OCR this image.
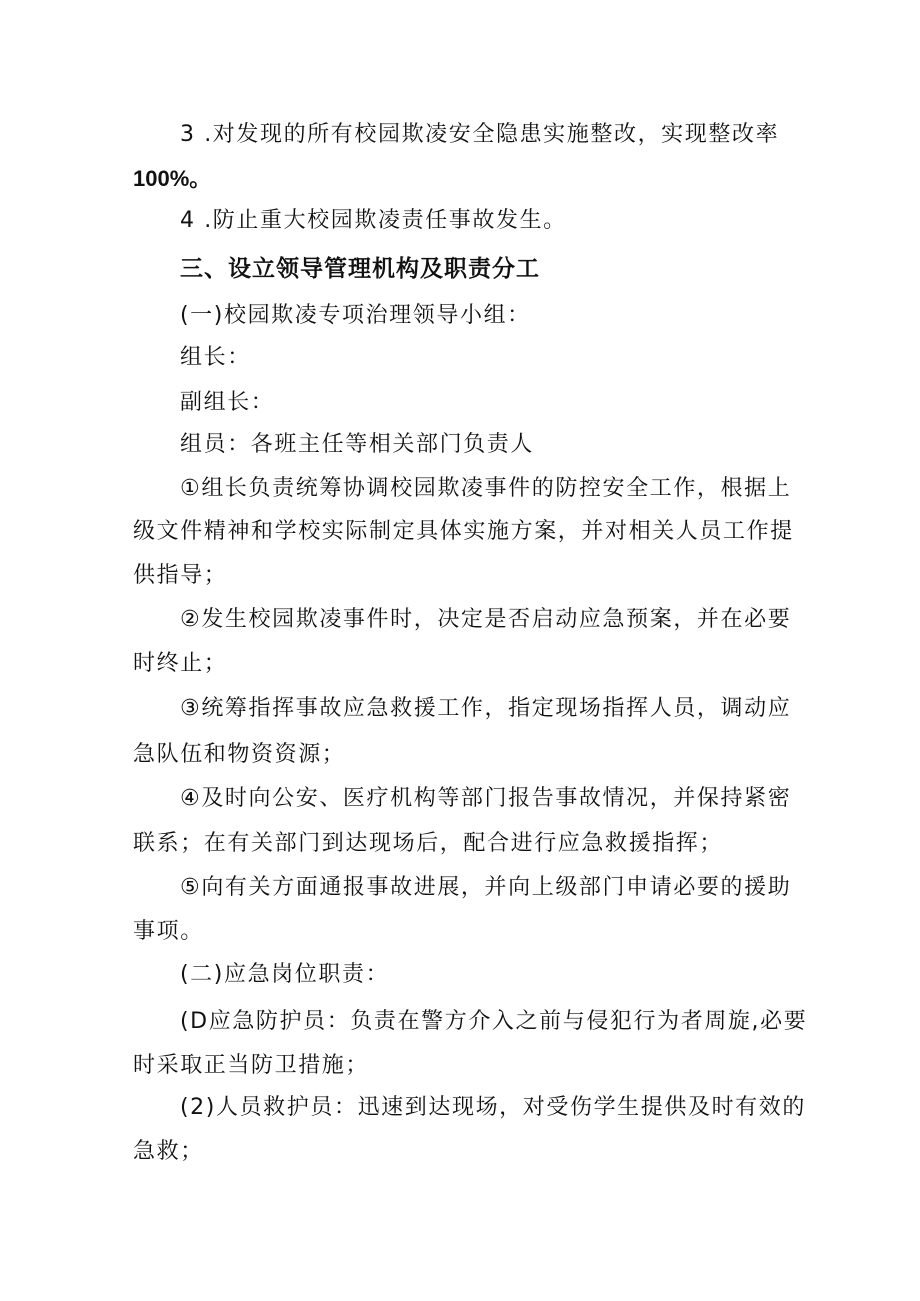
3 .对发现的所有校园欺凌安全隐患实施整改，实现整改率
100%。
4 .防止重大校园欺凌责任事故发生。
三、设立领导管理机构及职责分工
(一)校园欺凌专项治理领导小组：
组长：
副组长：
组员：各班主任等相关部门负责人
①组长负责统筹协调校园欺凌事件的防控安全工作，根据上
级文件精神和学校实际制定具体实施方案，并对相关人员工作提
供指导；
②发生校园欺凌事件时，决定是否启动应急预案，并在必要
时终止；
③统筹指挥事故应急救援工作，指定现场指挥人员，调动应
急队伍和物资资源；
④及时向公安、医疗机构等部门报告事故情况，并保持紧密
联系；在有关部门到达现场后，配合进行应急救援指挥；
⑤向有关方面通报事故进展，并向上级部门申请必要的援助
事项。
(二)应急岗位职责：
(D应急防护员：负责在警方介入之前与侵犯行为者周旋,必要
时采取正当防卫措施；
(2)人员救护员：迅速到达现场，对受伤学生提供及时有效的
急救；
